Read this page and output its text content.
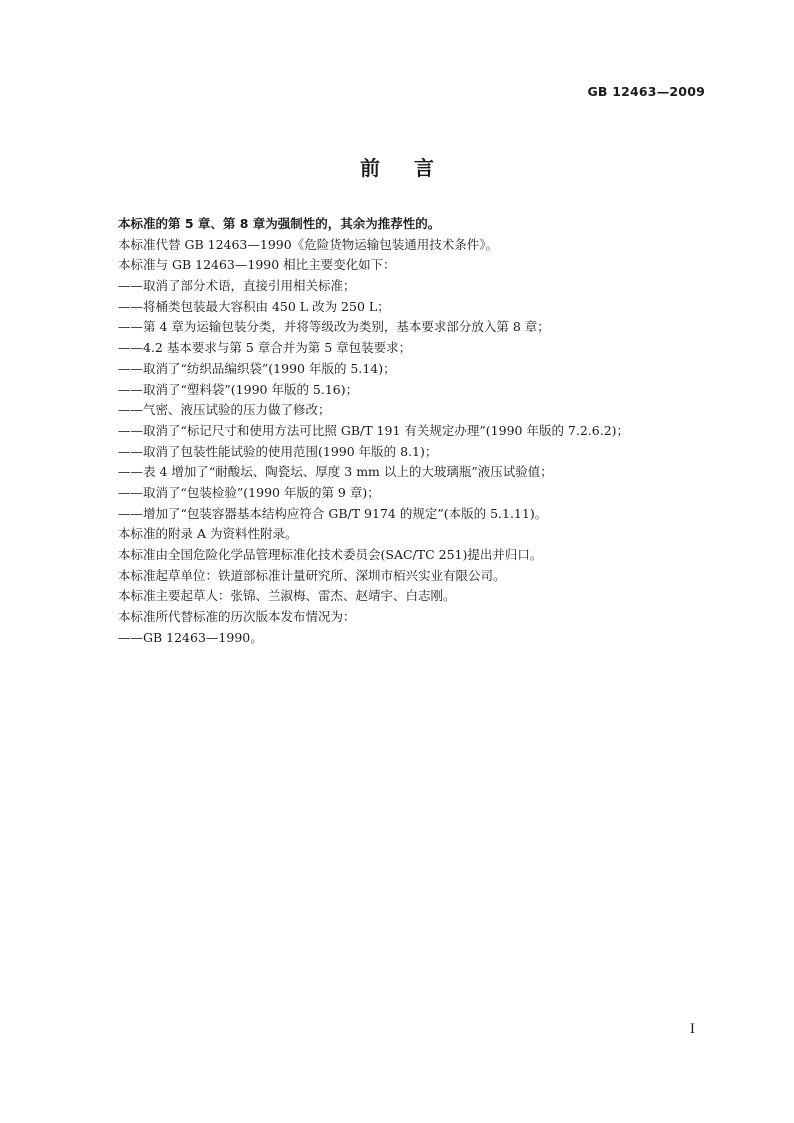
GB 12463—2009
前 言
本标准的第 5 章、第 8 章为强制性的，其余为推荐性的。
本标准代替 GB 12463—1990《危险货物运输包装通用技术条件》。
本标准与 GB 12463—1990 相比主要变化如下：
——取消了部分术语，直接引用相关标准；
——将桶类包装最大容积由 450 L 改为 250 L；
——第 4 章为运输包装分类，并将等级改为类别，基本要求部分放入第 8 章；
——4.2 基本要求与第 5 章合并为第 5 章包装要求；
——取消了“纺织品编织袋”(1990 年版的 5.14)；
——取消了“塑料袋”(1990 年版的 5.16)；
——气密、液压试验的压力做了修改；
——取消了“标记尺寸和使用方法可比照 GB/T 191 有关规定办理”(1990 年版的 7.2.6.2)；
——取消了包装性能试验的使用范围(1990 年版的 8.1)；
——表 4 增加了“耐酸坛、陶瓷坛、厚度 3 mm 以上的大玻璃瓶”液压试验值；
——取消了“包装检验”(1990 年版的第 9 章)；
——增加了“包装容器基本结构应符合 GB/T 9174 的规定”(本版的 5.1.11)。
本标准的附录 A 为资料性附录。
本标准由全国危险化学品管理标准化技术委员会(SAC/TC 251)提出并归口。
本标准起草单位：铁道部标准计量研究所、深圳市栢兴实业有限公司。
本标准主要起草人：张锦、兰淑梅、雷杰、赵靖宇、白志刚。
本标准所代替标准的历次版本发布情况为：
——GB 12463—1990。
I
